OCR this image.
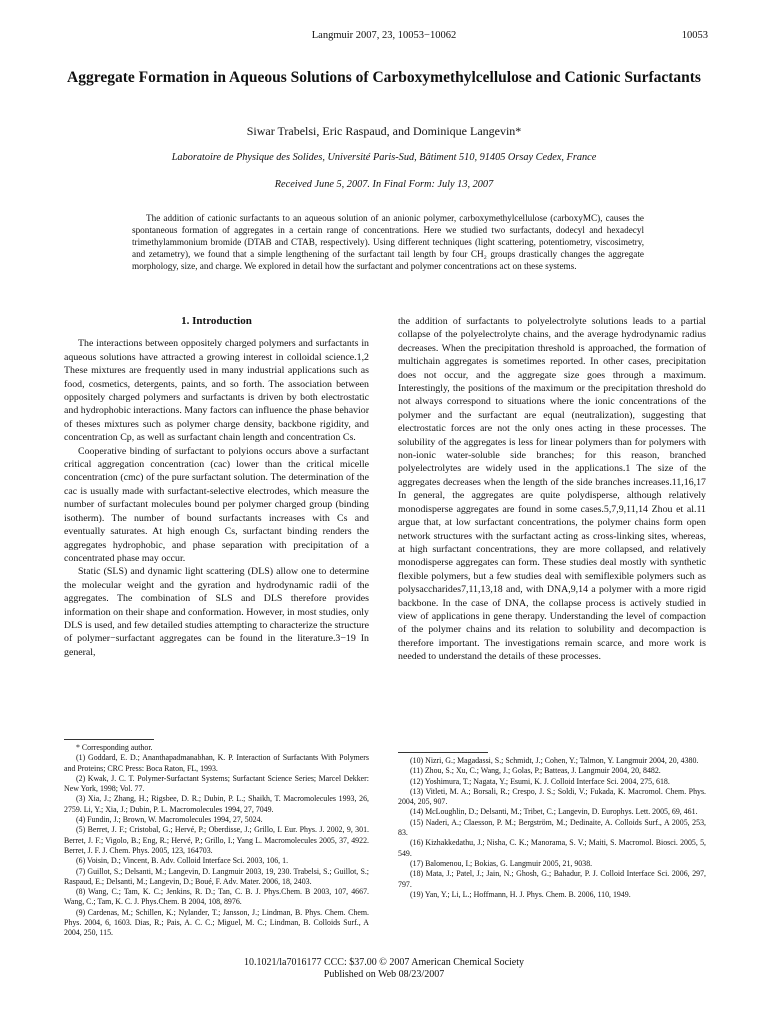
Langmuir 2007, 23, 10053−10062	10053
Aggregate Formation in Aqueous Solutions of Carboxymethylcellulose and Cationic Surfactants
Siwar Trabelsi, Eric Raspaud, and Dominique Langevin*
Laboratoire de Physique des Solides, Université Paris-Sud, Bâtiment 510, 91405 Orsay Cedex, France
Received June 5, 2007. In Final Form: July 13, 2007
The addition of cationic surfactants to an aqueous solution of an anionic polymer, carboxymethylcellulose (carboxyMC), causes the spontaneous formation of aggregates in a certain range of concentrations. Here we studied two surfactants, dodecyl and hexadecyl trimethylammonium bromide (DTAB and CTAB, respectively). Using different techniques (light scattering, potentiometry, viscosimetry, and zetametry), we found that a simple lengthening of the surfactant tail length by four CH₂ groups drastically changes the aggregate morphology, size, and charge. We explored in detail how the surfactant and polymer concentrations act on these systems.
1. Introduction

The interactions between oppositely charged polymers and surfactants in aqueous solutions have attracted a growing interest in colloidal science.1,2 These mixtures are frequently used in many industrial applications such as food, cosmetics, detergents, paints, and so forth. The association between oppositely charged polymers and surfactants is driven by both electrostatic and hydrophobic interactions. Many factors can influence the phase behavior of theses mixtures such as polymer charge density, backbone rigidity, and concentration Cp, as well as surfactant chain length and concentration Cs.

Cooperative binding of surfactant to polyions occurs above a surfactant critical aggregation concentration (cac) lower than the critical micelle concentration (cmc) of the pure surfactant solution. The determination of the cac is usually made with surfactant-selective electrodes, which measure the number of surfactant molecules bound per polymer charged group (binding isotherm). The number of bound surfactants increases with Cs and eventually saturates. At high enough Cs, surfactant binding renders the aggregates hydrophobic, and phase separation with precipitation of a concentrated phase may occur.

Static (SLS) and dynamic light scattering (DLS) allow one to determine the molecular weight and the gyration and hydrodynamic radii of the aggregates. The combination of SLS and DLS therefore provides information on their shape and conformation. However, in most studies, only DLS is used, and few detailed studies attempting to characterize the structure of polymer−surfactant aggregates can be found in the literature.3−19 In general,

the addition of surfactants to polyelectrolyte solutions leads to a partial collapse of the polyelectrolyte chains, and the average hydrodynamic radius decreases. When the precipitation threshold is approached, the formation of multichain aggregates is sometimes reported. In other cases, precipitation does not occur, and the aggregate size goes through a maximum. Interestingly, the positions of the maximum or the precipitation threshold do not always correspond to situations where the ionic concentrations of the polymer and the surfactant are equal (neutralization), suggesting that electrostatic forces are not the only ones acting in these processes. The solubility of the aggregates is less for linear polymers than for polymers with non-ionic water-soluble side branches; for this reason, branched polyelectrolytes are widely used in the applications.1 The size of the aggregates decreases when the length of the side branches increases.11,16,17 In general, the aggregates are quite polydisperse, although relatively monodisperse aggregates are found in some cases.5,7,9,11,14 Zhou et al.11 argue that, at low surfactant concentrations, the polymer chains form open network structures with the surfactant acting as cross-linking sites, whereas, at high surfactant concentrations, they are more collapsed, and relatively monodisperse aggregates can form. These studies deal mostly with synthetic flexible polymers, but a few studies deal with semiflexible polymers such as polysaccharides7,11,13,18 and, with DNA,9,14 a polymer with a more rigid backbone. In the case of DNA, the collapse process is actively studied in view of applications in gene therapy. Understanding the level of compaction of the polymer chains and its relation to solubility and decompaction is therefore important. The investigations remain scarce, and more work is needed to understand the details of these processes.

* Corresponding author.
(1) Goddard, E. D.; Ananthapadmanabhan, K. P. Interaction of Surfactants With Polymers and Proteins; CRC Press: Boca Raton, FL, 1993.
(2) Kwak, J. C. T. Polymer-Surfactant Systems; Surfactant Science Series; Marcel Dekker: New York, 1998; Vol. 77.
(3) Xia, J.; Zhang, H.; Rigsbee, D. R.; Dubin, P. L.; Shaikh, T. Macromolecules 1993, 26, 2759. Li, Y.; Xia, J.; Dubin, P. L. Macromolecules 1994, 27, 7049.
(4) Fundin, J.; Brown, W. Macromolecules 1994, 27, 5024.
(5) Berret, J. F.; Cristobal, G.; Hervé, P.; Oberdisse, J.; Grillo, I. Eur. Phys. J. 2002, 9, 301. Berret, J. F.; Vigolo, B.; Eng, R.; Hervé, P.; Grillo, I.; Yang L. Macromolecules 2005, 37, 4922. Berret, J. F. J. Chem. Phys. 2005, 123, 164703.
(6) Voisin, D.; Vincent, B. Adv. Colloid Interface Sci. 2003, 106, 1.
(7) Guillot, S.; Delsanti, M.; Langevin, D. Langmuir 2003, 19, 230. Trabelsi, S.; Guillot, S.; Raspaud, E.; Delsanti, M.; Langevin, D.; Boué, F. Adv. Mater. 2006, 18, 2403.
(8) Wang, C.; Tam, K. C.; Jenkins, R. D.; Tan, C. B. J. Phys.Chem. B 2003, 107, 4667. Wang, C.; Tam, K. C. J. Phys.Chem. B 2004, 108, 8976.
(9) Cardenas, M.; Schillen, K.; Nylander, T.; Jansson, J.; Lindman, B. Phys. Chem. Chem. Phys. 2004, 6, 1603. Dias, R.; Pais, A. C. C.; Miguel, M. C.; Lindman, B. Colloids Surf., A 2004, 250, 115.
(10) Nizri, G.; Magadassi, S.; Schmidt, J.; Cohen, Y.; Talmon, Y. Langmuir 2004, 20, 4380.
(11) Zhou, S.; Xu, C.; Wang, J.; Golas, P.; Batteas, J. Langmuir 2004, 20, 8482.
(12) Yoshimura, T.; Nagata, Y.; Esumi, K. J. Colloid Interface Sci. 2004, 275, 618.
(13) Vitleti, M. A.; Borsali, R.; Crespo, J. S.; Soldi, V.; Fukada, K. Macromol. Chem. Phys. 2004, 205, 907.
(14) McLoughlin, D.; Delsanti, M.; Tribet, C.; Langevin, D. Europhys. Lett. 2005, 69, 461.
(15) Naderi, A.; Claesson, P. M.; Bergström, M.; Dedinaite, A. Colloids Surf., A 2005, 253, 83.
(16) Kizhakkedathu, J.; Nisha, C. K.; Manorama, S. V.; Maiti, S. Macromol. Biosci. 2005, 5, 549.
(17) Balomenou, I.; Bokias, G. Langmuir 2005, 21, 9038.
(18) Mata, J.; Patel, J.; Jain, N.; Ghosh, G.; Bahadur, P. J. Colloid Interface Sci. 2006, 297, 797.
(19) Yan, Y.; Li, L.; Hoffmann, H. J. Phys. Chem. B. 2006, 110, 1949.
10.1021/la7016177 CCC: $37.00 © 2007 American Chemical Society
Published on Web 08/23/2007
